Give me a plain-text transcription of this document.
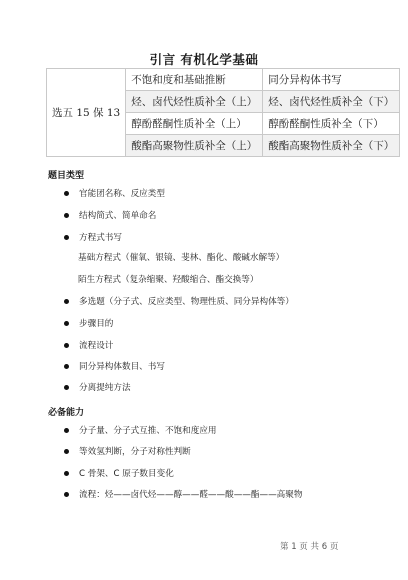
引言 有机化学基础
选五 15 保 13	不饱和度和基础推断	同分异构体书写
	烃、卤代烃性质补全（上）	烃、卤代烃性质补全（下）
	醇酚醛酮性质补全（上）	醇酚醛酮性质补全（下）
	酸酯高聚物性质补全（上）	酸酯高聚物性质补全（下）
题目类型
官能团名称、反应类型
结构简式、简单命名
方程式书写
基础方程式（催氧、银镜、斐林、酯化、酸碱水解等）
陌生方程式（复杂缩聚、羟酸缩合、酯交换等）
多选题（分子式、反应类型、物理性质、同分异构体等）
步骤目的
流程设计
同分异构体数目、书写
分离提纯方法
必备能力
分子量、分子式互推、不饱和度应用
等效氢判断，分子对称性判断
C 骨架、C 原子数目变化
流程：烃——卤代烃——醇——醛——酸——酯——高聚物
第 1 页 共 6 页
